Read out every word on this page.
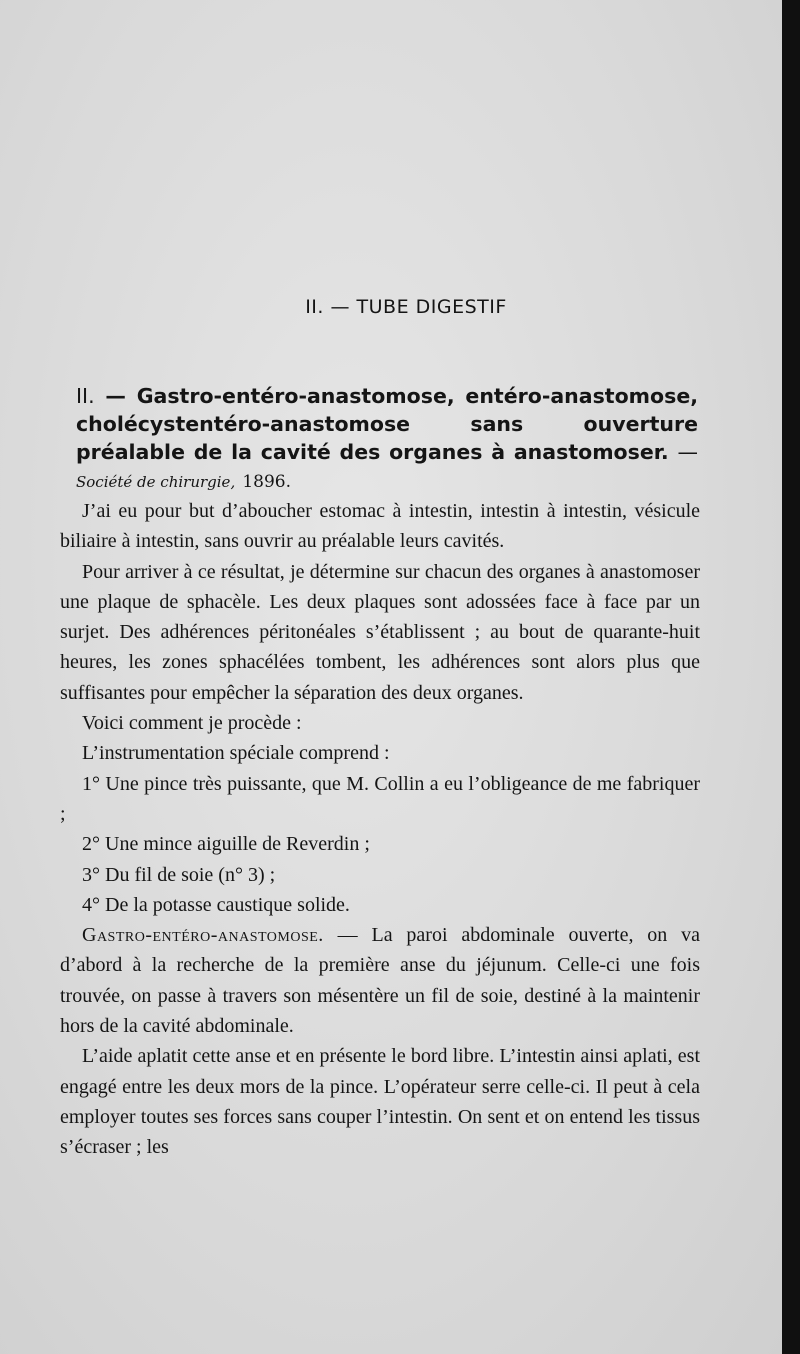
II. — TUBE DIGESTIF
II. — Gastro-entéro-anastomose, entéro-anastomose, cholécystentéro-anastomose sans ouverture préalable de la cavité des organes à anastomoser. — Société de chirurgie, 1896.

J’ai eu pour but d’aboucher estomac à intestin, intestin à intestin, vésicule biliaire à intestin, sans ouvrir au préalable leurs cavités.

Pour arriver à ce résultat, je détermine sur chacun des organes à anastomoser une plaque de sphacèle. Les deux plaques sont adossées face à face par un surjet. Des adhérences péritonéales s’établissent ; au bout de quarante-huit heures, les zones sphacélées tombent, les adhérences sont alors plus que suffisantes pour empêcher la séparation des deux organes.

Voici comment je procède :

L’instrumentation spéciale comprend :

1° Une pince très puissante, que M. Collin a eu l’obligeance de me fabriquer ;

2° Une mince aiguille de Reverdin ;

3° Du fil de soie (n° 3) ;

4° De la potasse caustique solide.

Gastro-entéro-anastomose. — La paroi abdominale ouverte, on va d’abord à la recherche de la première anse du jéjunum. Celle-ci une fois trouvée, on passe à travers son mésentère un fil de soie, destiné à la maintenir hors de la cavité abdominale.

L’aide aplatit cette anse et en présente le bord libre. L’intestin ainsi aplati, est engagé entre les deux mors de la pince. L’opérateur serre celle-ci. Il peut à cela employer toutes ses forces sans couper l’intestin. On sent et on entend les tissus s’écraser ; les
